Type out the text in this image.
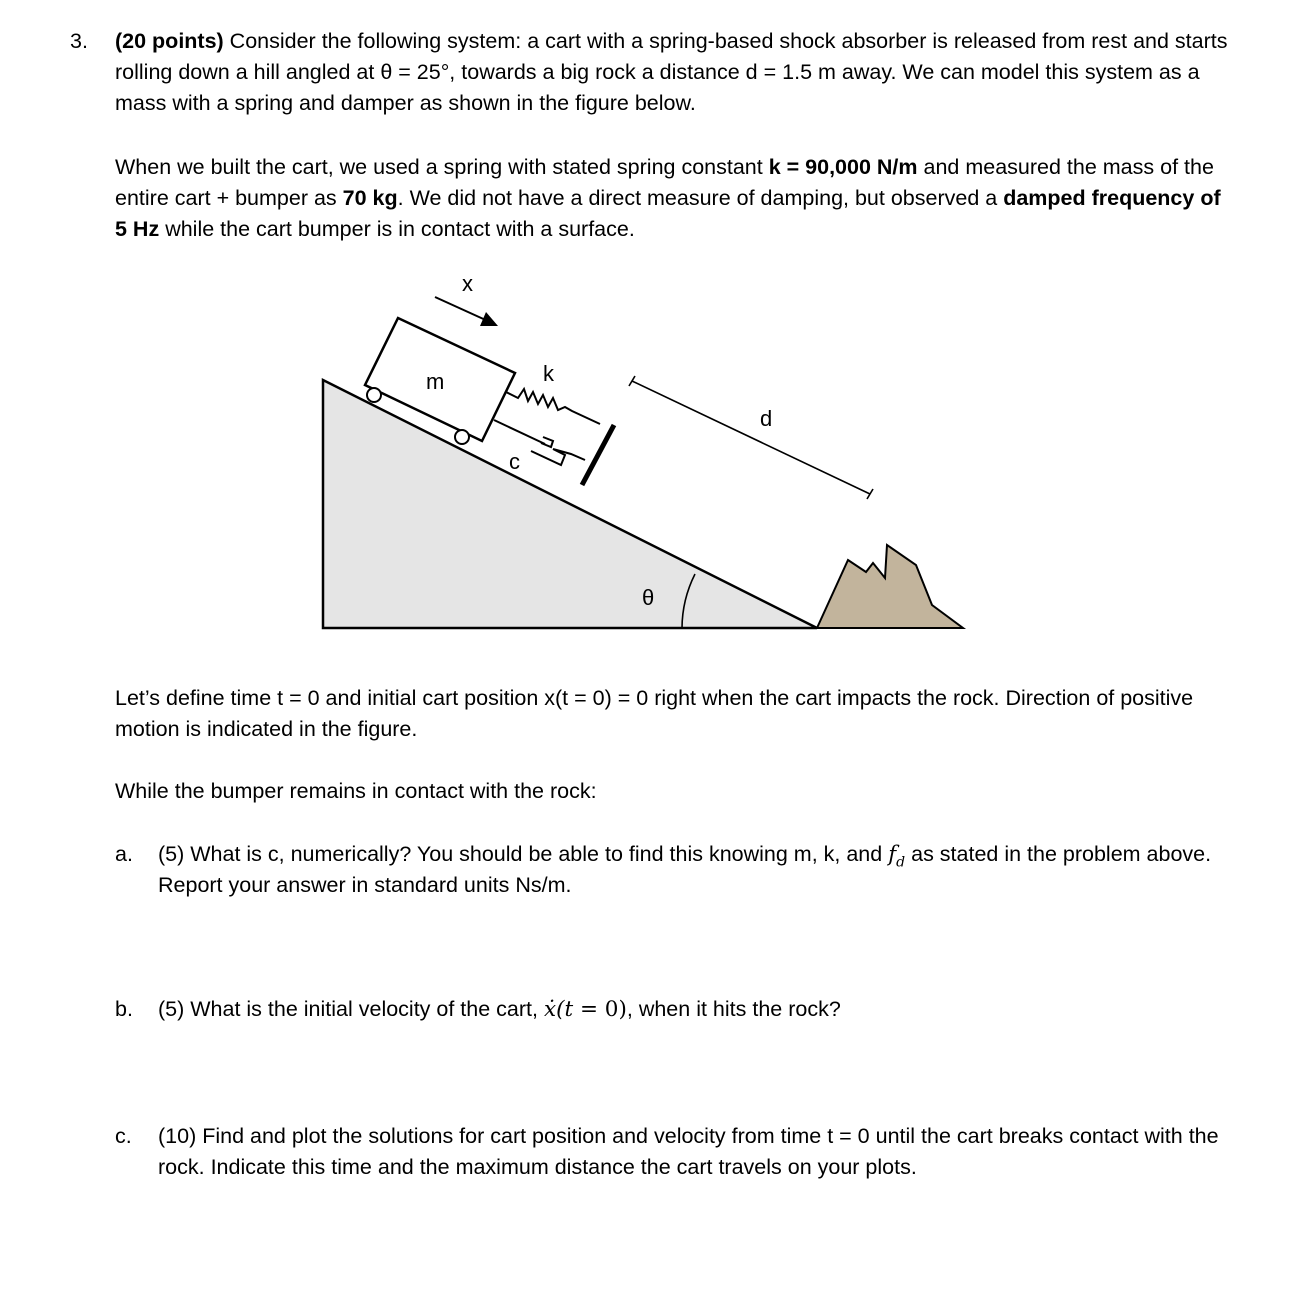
3. (20 points) Consider the following system: a cart with a spring-based shock absorber is released from rest and starts rolling down a hill angled at θ = 25°, towards a big rock a distance d = 1.5 m away. We can model this system as a mass with a spring and damper as shown in the figure below.
When we built the cart, we used a spring with stated spring constant k = 90,000 N/m and measured the mass of the entire cart + bumper as 70 kg. We did not have a direct measure of damping, but observed a damped frequency of 5 Hz while the cart bumper is in contact with a surface.
θ
m	k
c
x
d
Let’s define time t = 0 and initial cart position x(t = 0) = 0 right when the cart impacts the rock. Direction of positive motion is indicated in the figure.
While the bumper remains in contact with the rock:
a. (5) What is c, numerically? You should be able to find this knowing m, k, and $f_d$ as stated in the problem above. Report your answer in standard units Ns/m.
b. (5) What is the initial velocity of the cart, ẋ(t = 0), when it hits the rock?
c. (10) Find and plot the solutions for cart position and velocity from time t = 0 until the cart breaks contact with the rock. Indicate this time and the maximum distance the cart travels on your plots.
